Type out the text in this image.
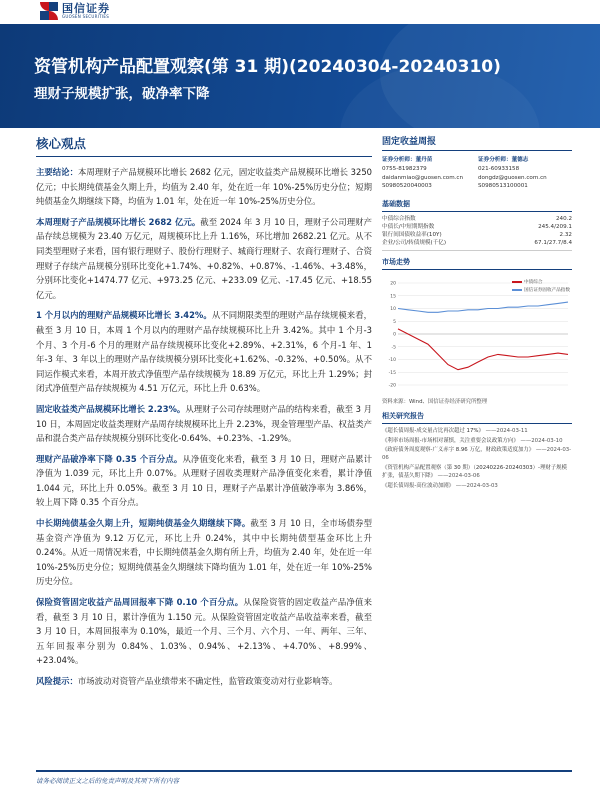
国信证券
GUOSEN SECURITIES
资管机构产品配置观察(第 31 期)(20240304-20240310)
理财子规模扩张，破净率下降
核心观点

主要结论：本周理财子产品规模环比增长 2682 亿元，固定收益类产品规模环比增长 3250 亿元；中长期纯债基金久期上升，均值为 2.40 年，处在近一年 10%-25%历史分位；短期纯债基金久期继续下降，均值为 1.01 年，处在近一年 10%-25%历史分位。

本周理财子产品规模环比增长 2682 亿元。截至 2024 年 3 月 10 日，理财子公司理财产品存续总规模为 23.40 万亿元，周规模环比上升 1.16%，环比增加 2682.21 亿元。从不同类型理财子来看，国有银行理财子、股份行理财子、城商行理财子、农商行理财子、合资理财子存续产品规模分别环比变化+1.74%、+0.82%、+0.87%、-1.46%、+3.48%，分别环比变化+1474.77 亿元、+973.25 亿元、+233.09 亿元、-17.45 亿元、+18.55 亿元。

1 个月以内的理财产品规模环比增长 3.42%。从不同期限类型的理财产品存续规模来看，截至 3 月 10 日，本周 1 个月以内的理财产品存续规模环比上升 3.42%。其中 1 个月-3 个月、3 个月-6 个月的理财产品存续规模环比变化+2.89%、+2.31%，6 个月-1 年、1 年-3 年、3 年以上的理财产品存续规模分别环比变化+1.62%、-0.32%、+0.50%。从不同运作模式来看，本周开放式净值型产品存续规模为 18.89 万亿元，环比上升 1.29%；封闭式净值型产品存续规模为 4.51 万亿元，环比上升 0.63%。

固定收益类产品规模环比增长 2.23%。从理财子公司存续理财产品的结构来看，截至 3 月 10 日，本周固定收益类理财产品周存续规模环比上升 2.23%，现金管理型产品、权益类产品和混合类产品存续规模分别环比变化-0.64%、+0.23%、-1.29%。

理财产品破净率下降 0.35 个百分点。从净值变化来看，截至 3 月 10 日，理财产品累计净值为 1.039 元，环比上升 0.07%。从理财子固收类理财产品净值变化来看，累计净值 1.044 元，环比上升 0.05%。截至 3 月 10 日，理财子产品累计净值破净率为 3.86%，较上周下降 0.35 个百分点。

中长期纯债基金久期上升，短期纯债基金久期继续下降。截至 3 月 10 日，全市场债券型基金资产净值为 9.12 万亿元，环比上升 0.24%，其中中长期纯债型基金环比上升 0.24%。从近一周情况来看，中长期纯债基金久期有所上升，均值为 2.40 年，处在近一年 10%-25%历史分位；短期纯债基金久期继续下降均值为 1.01 年，处在近一年 10%-25%历史分位。

保险资管固定收益产品周回报率下降 0.10 个百分点。从保险资管的固定收益产品净值来看，截至 3 月 10 日，累计净值为 1.150 元。从保险资管固定收益产品收益率来看，截至 3 月 10 日，本周回报率为 0.10%，最近一个月、三个月、六个月、一年、两年、三年、五年回报率分别为 0.84%、1.03%、0.94%、+2.13%、+4.70%、+8.99%、+23.04%。

风险提示：市场波动对资管产品业绩带来不确定性，监管政策变动对行业影响等。

固定收益周报
证券分析师：董丹苗
0755-81982379
daidanmiao@guosen.com.cn
S0980520040003
证券分析师：董德志
021-60933158
dongdz@guosen.com.cn
S0980513100001
基础数据
中债综合指数	240.2
中债长/中短期期指数	245.4/209.1
银行间国债收益率(10Y)	2.32
企业/公司/转债规模(千亿)	67.1/27.7/8.4
市场走势
20
15
10
5
0
-5
-10
-15
-20
中债综合
国信证券固收产品指数
资料来源：Wind、国信证券经济研究所整理
相关研究报告
《超长债周报-成交量占比再次超过 17%》 ——2024-03-11
《利率市场周报-市场相对谨慎，关注重要会议政策方向》 ——2024-03-10
《政府债务周度观察-广义赤字 8.96 万亿，财政政策适度加力》 ——2024-03-06
《资管机构产品配置观察（第 30 期）（20240226-20240303）-理财子规模扩张，债基久期下降》 ——2024-03-06
《超长债周报-高位波动加剧》 ——2024-03-03
请务必阅读正文之后的免责声明及其项下所有内容
